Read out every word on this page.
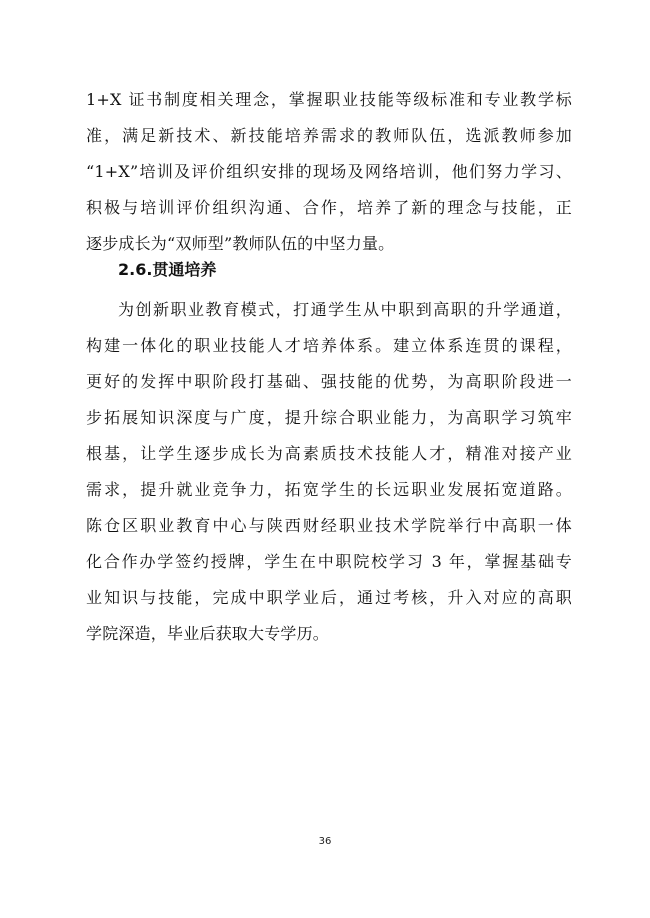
1+X 证书制度相关理念，掌握职业技能等级标准和专业教学标
准，满足新技术、新技能培养需求的教师队伍，选派教师参加
“1+X”培训及评价组织安排的现场及网络培训，他们努力学习、
积极与培训评价组织沟通、合作，培养了新的理念与技能，正
逐步成长为“双师型”教师队伍的中坚力量。
2.6.贯通培养
为创新职业教育模式，打通学生从中职到高职的升学通道，
构建一体化的职业技能人才培养体系。建立体系连贯的课程，
更好的发挥中职阶段打基础、强技能的优势，为高职阶段进一
步拓展知识深度与广度，提升综合职业能力，为高职学习筑牢
根基，让学生逐步成长为高素质技术技能人才，精准对接产业
需求，提升就业竞争力，拓宽学生的长远职业发展拓宽道路。
陈仓区职业教育中心与陕西财经职业技术学院举行中高职一体
化合作办学签约授牌，学生在中职院校学习 3 年，掌握基础专
业知识与技能，完成中职学业后，通过考核，升入对应的高职
学院深造，毕业后获取大专学历。
36
